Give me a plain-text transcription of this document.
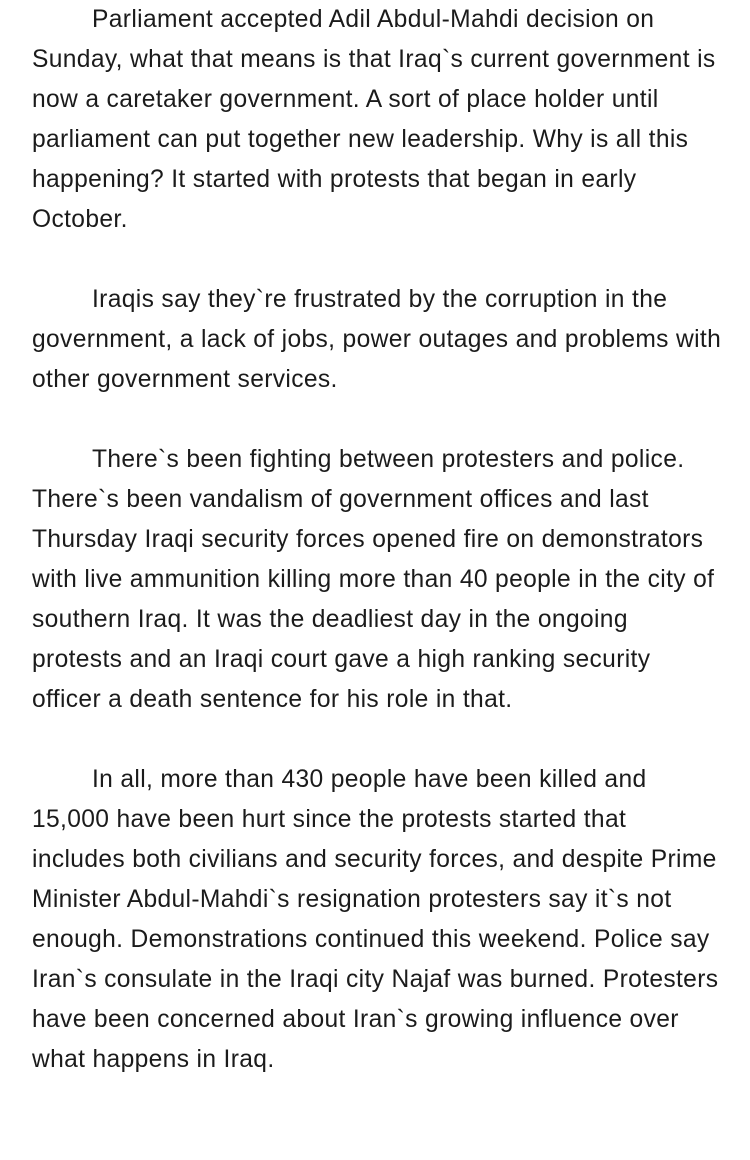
Parliament accepted Adil Abdul-Mahdi decision on Sunday, what that means is that Iraq`s current government is now a caretaker government. A sort of place holder until parliament can put together new leadership. Why is all this happening? It started with protests that began in early October.

Iraqis say they`re frustrated by the corruption in the government, a lack of jobs, power outages and problems with other government services.

There`s been fighting between protesters and police. There`s been vandalism of government offices and last Thursday Iraqi security forces opened fire on demonstrators with live ammunition killing more than 40 people in the city of southern Iraq. It was the deadliest day in the ongoing protests and an Iraqi court gave a high ranking security officer a death sentence for his role in that.

In all, more than 430 people have been killed and 15,000 have been hurt since the protests started that includes both civilians and security forces, and despite Prime Minister Abdul-Mahdi`s resignation protesters say it`s not enough. Demonstrations continued this weekend. Police say Iran`s consulate in the Iraqi city Najaf was burned. Protesters have been concerned about Iran`s growing influence over what happens in Iraq.
